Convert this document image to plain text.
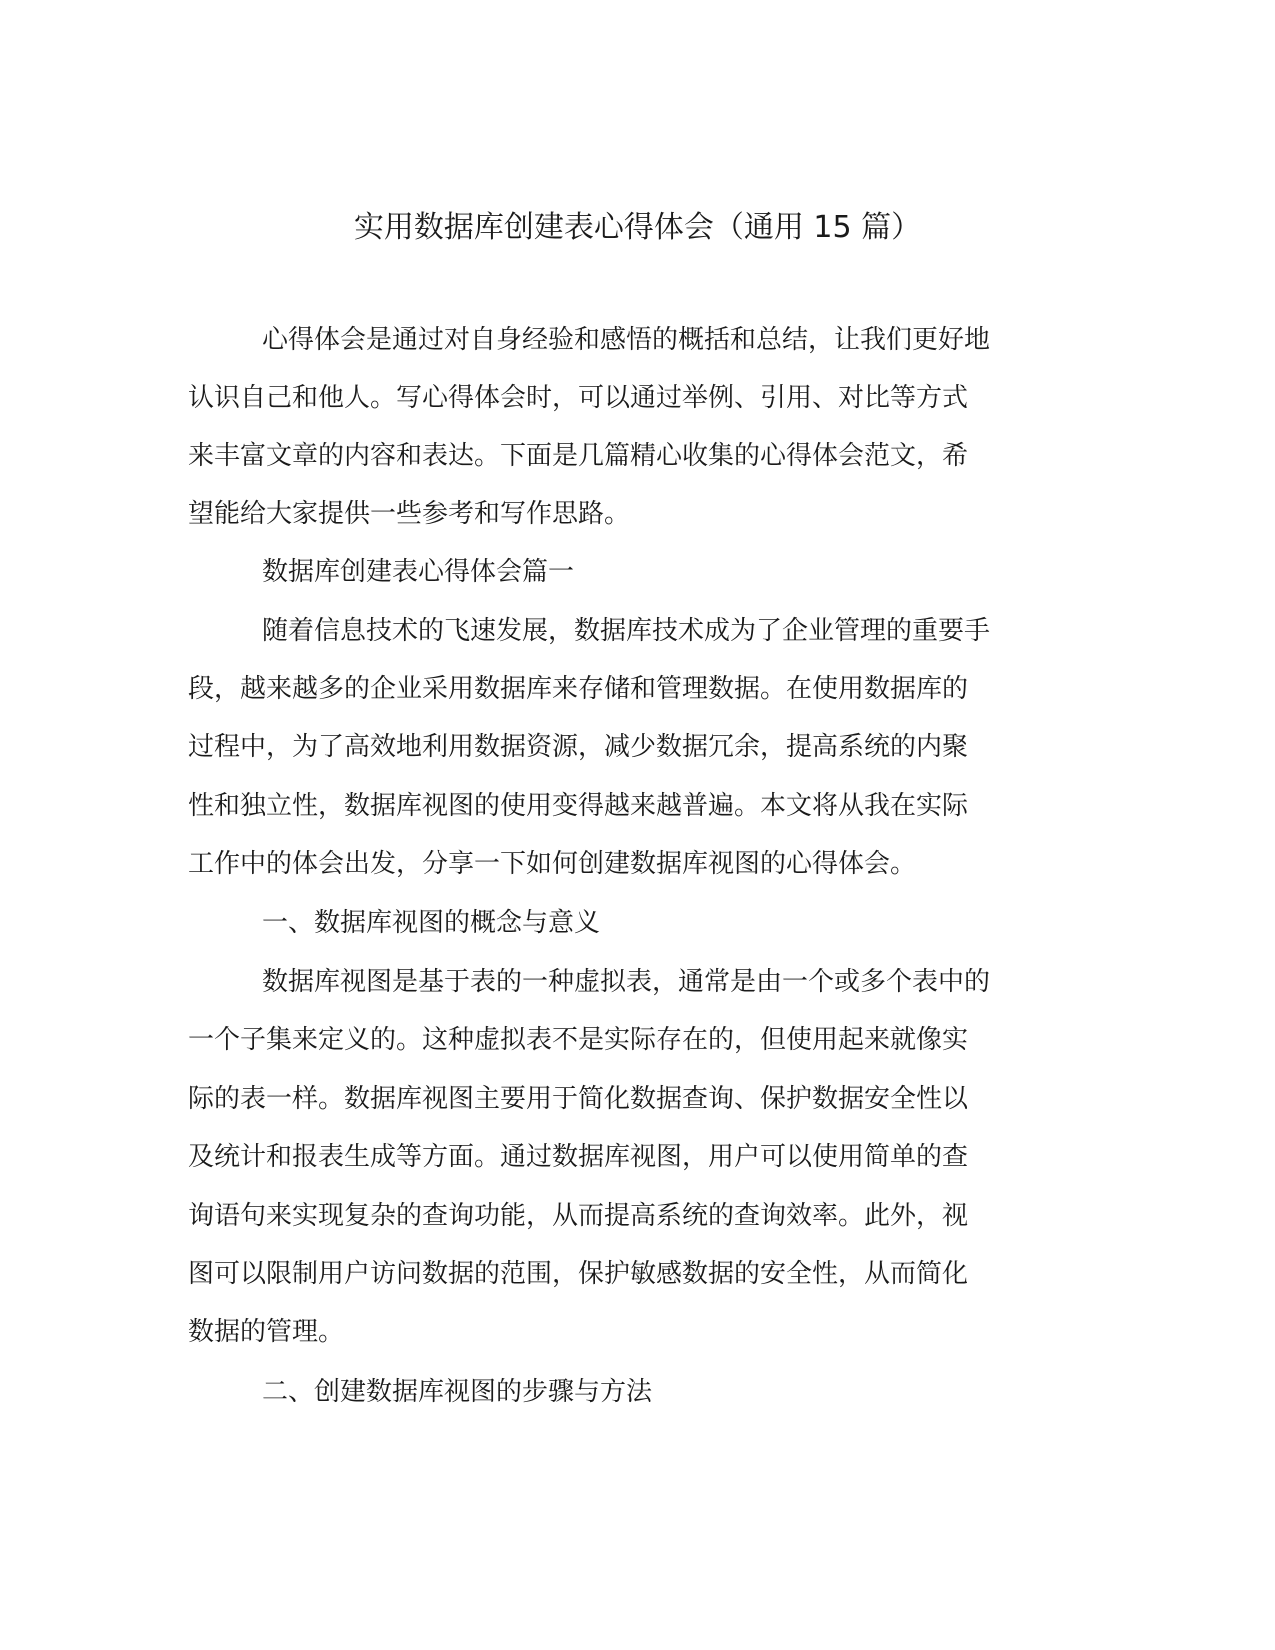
实用数据库创建表心得体会（通用 15 篇）

心得体会是通过对自身经验和感悟的概括和总结，让我们更好地

认识自己和他人。写心得体会时，可以通过举例、引用、对比等方式

来丰富文章的内容和表达。下面是几篇精心收集的心得体会范文，希

望能给大家提供一些参考和写作思路。

数据库创建表心得体会篇一

随着信息技术的飞速发展，数据库技术成为了企业管理的重要手

段，越来越多的企业采用数据库来存储和管理数据。在使用数据库的

过程中，为了高效地利用数据资源，减少数据冗余，提高系统的内聚

性和独立性，数据库视图的使用变得越来越普遍。本文将从我在实际

工作中的体会出发，分享一下如何创建数据库视图的心得体会。

一、数据库视图的概念与意义

数据库视图是基于表的一种虚拟表，通常是由一个或多个表中的

一个子集来定义的。这种虚拟表不是实际存在的，但使用起来就像实

际的表一样。数据库视图主要用于简化数据查询、保护数据安全性以

及统计和报表生成等方面。通过数据库视图，用户可以使用简单的查

询语句来实现复杂的查询功能，从而提高系统的查询效率。此外，视

图可以限制用户访问数据的范围，保护敏感数据的安全性，从而简化

数据的管理。

二、创建数据库视图的步骤与方法
